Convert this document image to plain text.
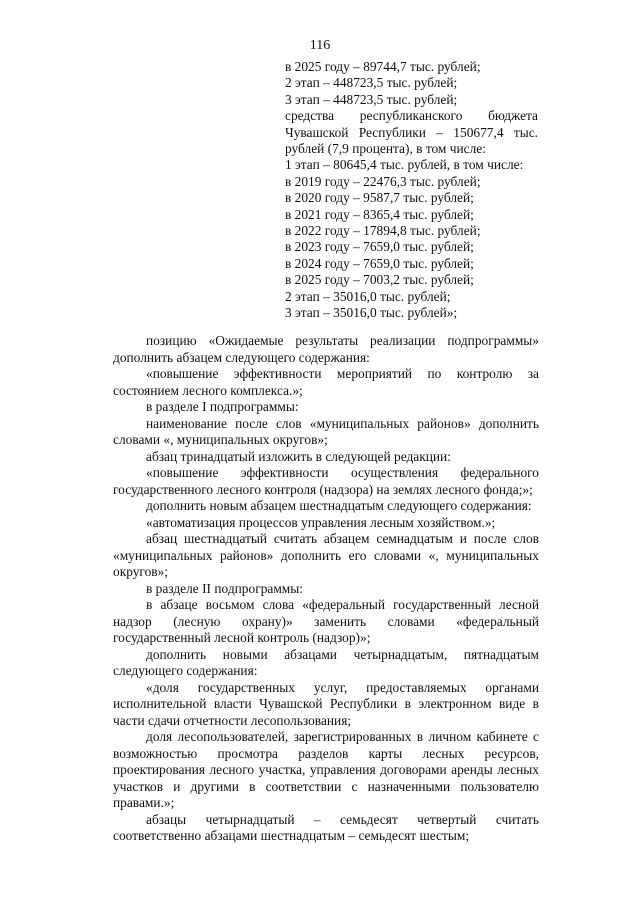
116

в 2025 году – 89744,7 тыс. рублей;

2 этап – 448723,5 тыс. рублей;

3 этап – 448723,5 тыс. рублей;

средства республиканского бюджета Чувашской Республики – 150677,4 тыс. рублей (7,9 процента), в том числе:

1 этап – 80645,4 тыс. рублей, в том числе:

в 2019 году – 22476,3 тыс. рублей;

в 2020 году – 9587,7 тыс. рублей;

в 2021 году – 8365,4 тыс. рублей;

в 2022 году – 17894,8 тыс. рублей;

в 2023 году – 7659,0 тыс. рублей;

в 2024 году – 7659,0 тыс. рублей;

в 2025 году – 7003,2 тыс. рублей;

2 этап – 35016,0 тыс. рублей;

3 этап – 35016,0 тыс. рублей»;

позицию «Ожидаемые результаты реализации подпрограммы» дополнить абзацем следующего содержания:

«повышение эффективности мероприятий по контролю за состоянием лесного комплекса.»;

в разделе I подпрограммы:

наименование после слов «муниципальных районов» дополнить словами «, муниципальных округов»;

абзац тринадцатый изложить в следующей редакции:

«повышение эффективности осуществления федерального государственного лесного контроля (надзора) на землях лесного фонда;»;

дополнить новым абзацем шестнадцатым следующего содержания:

«автоматизация процессов управления лесным хозяйством.»;

абзац шестнадцатый считать абзацем семнадцатым и после слов «муниципальных районов» дополнить его словами «, муниципальных округов»;

в разделе II подпрограммы:

в абзаце восьмом слова «федеральный государственный лесной надзор (лесную охрану)» заменить словами «федеральный государственный лесной контроль (надзор)»;

дополнить новыми абзацами четырнадцатым, пятнадцатым следующего содержания:

«доля государственных услуг, предоставляемых органами исполнительной власти Чувашской Республики в электронном виде в части сдачи отчетности лесопользования;

доля лесопользователей, зарегистрированных в личном кабинете с возможностью просмотра разделов карты лесных ресурсов, проектирования лесного участка, управления договорами аренды лесных участков и другими в соответствии с назначенными пользователю правами.»;

абзацы четырнадцатый – семьдесят четвертый считать соответственно абзацами шестнадцатым – семьдесят шестым;
